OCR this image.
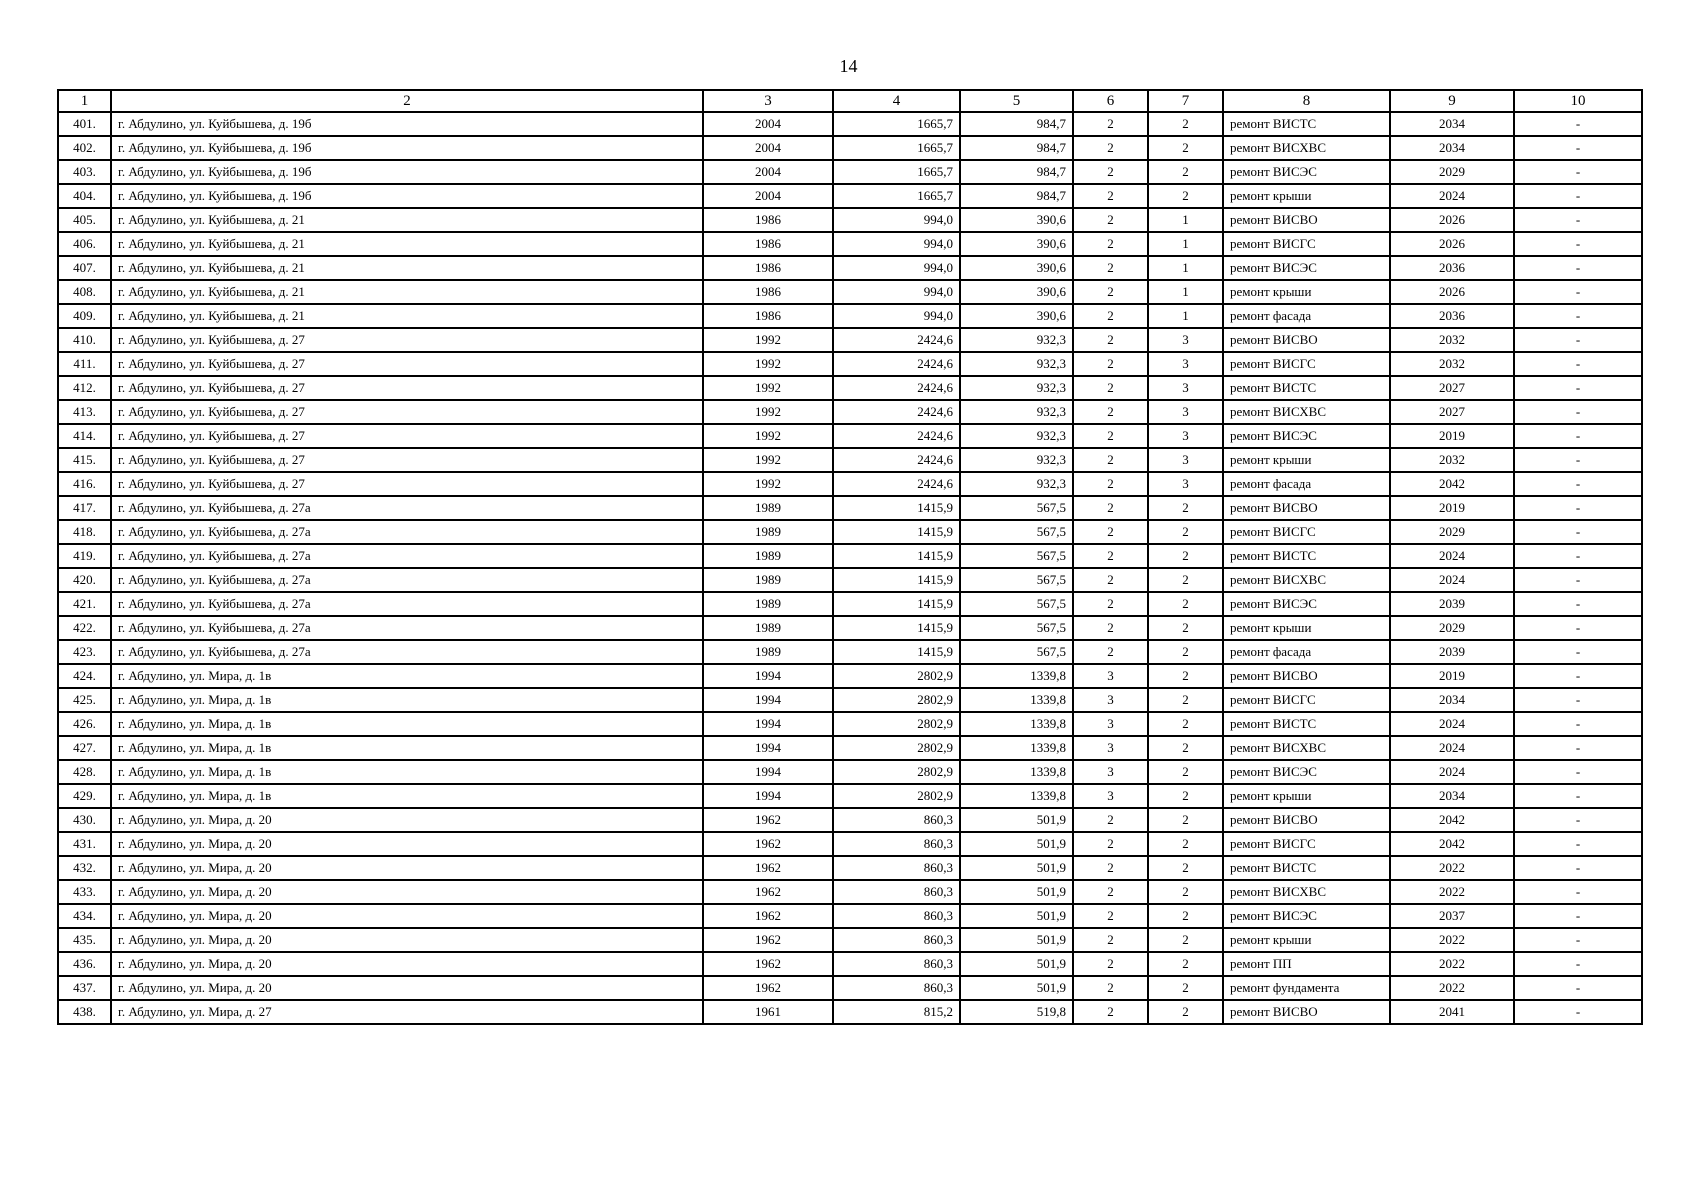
14
1	2	3	4	5	6	7	8	9	10
401.	г. Абдулино, ул. Куйбышева, д. 19б	2004	1665,7	984,7	2	2	ремонт ВИСТС	2034	-
402.	г. Абдулино, ул. Куйбышева, д. 19б	2004	1665,7	984,7	2	2	ремонт ВИСХВС	2034	-
403.	г. Абдулино, ул. Куйбышева, д. 19б	2004	1665,7	984,7	2	2	ремонт ВИСЭС	2029	-
404.	г. Абдулино, ул. Куйбышева, д. 19б	2004	1665,7	984,7	2	2	ремонт крыши	2024	-
405.	г. Абдулино, ул. Куйбышева, д. 21	1986	994,0	390,6	2	1	ремонт ВИСВО	2026	-
406.	г. Абдулино, ул. Куйбышева, д. 21	1986	994,0	390,6	2	1	ремонт ВИСГС	2026	-
407.	г. Абдулино, ул. Куйбышева, д. 21	1986	994,0	390,6	2	1	ремонт ВИСЭС	2036	-
408.	г. Абдулино, ул. Куйбышева, д. 21	1986	994,0	390,6	2	1	ремонт крыши	2026	-
409.	г. Абдулино, ул. Куйбышева, д. 21	1986	994,0	390,6	2	1	ремонт фасада	2036	-
410.	г. Абдулино, ул. Куйбышева, д. 27	1992	2424,6	932,3	2	3	ремонт ВИСВО	2032	-
411.	г. Абдулино, ул. Куйбышева, д. 27	1992	2424,6	932,3	2	3	ремонт ВИСГС	2032	-
412.	г. Абдулино, ул. Куйбышева, д. 27	1992	2424,6	932,3	2	3	ремонт ВИСТС	2027	-
413.	г. Абдулино, ул. Куйбышева, д. 27	1992	2424,6	932,3	2	3	ремонт ВИСХВС	2027	-
414.	г. Абдулино, ул. Куйбышева, д. 27	1992	2424,6	932,3	2	3	ремонт ВИСЭС	2019	-
415.	г. Абдулино, ул. Куйбышева, д. 27	1992	2424,6	932,3	2	3	ремонт крыши	2032	-
416.	г. Абдулино, ул. Куйбышева, д. 27	1992	2424,6	932,3	2	3	ремонт фасада	2042	-
417.	г. Абдулино, ул. Куйбышева, д. 27а	1989	1415,9	567,5	2	2	ремонт ВИСВО	2019	-
418.	г. Абдулино, ул. Куйбышева, д. 27а	1989	1415,9	567,5	2	2	ремонт ВИСГС	2029	-
419.	г. Абдулино, ул. Куйбышева, д. 27а	1989	1415,9	567,5	2	2	ремонт ВИСТС	2024	-
420.	г. Абдулино, ул. Куйбышева, д. 27а	1989	1415,9	567,5	2	2	ремонт ВИСХВС	2024	-
421.	г. Абдулино, ул. Куйбышева, д. 27а	1989	1415,9	567,5	2	2	ремонт ВИСЭС	2039	-
422.	г. Абдулино, ул. Куйбышева, д. 27а	1989	1415,9	567,5	2	2	ремонт крыши	2029	-
423.	г. Абдулино, ул. Куйбышева, д. 27а	1989	1415,9	567,5	2	2	ремонт фасада	2039	-
424.	г. Абдулино, ул. Мира, д. 1в	1994	2802,9	1339,8	3	2	ремонт ВИСВО	2019	-
425.	г. Абдулино, ул. Мира, д. 1в	1994	2802,9	1339,8	3	2	ремонт ВИСГС	2034	-
426.	г. Абдулино, ул. Мира, д. 1в	1994	2802,9	1339,8	3	2	ремонт ВИСТС	2024	-
427.	г. Абдулино, ул. Мира, д. 1в	1994	2802,9	1339,8	3	2	ремонт ВИСХВС	2024	-
428.	г. Абдулино, ул. Мира, д. 1в	1994	2802,9	1339,8	3	2	ремонт ВИСЭС	2024	-
429.	г. Абдулино, ул. Мира, д. 1в	1994	2802,9	1339,8	3	2	ремонт крыши	2034	-
430.	г. Абдулино, ул. Мира, д. 20	1962	860,3	501,9	2	2	ремонт ВИСВО	2042	-
431.	г. Абдулино, ул. Мира, д. 20	1962	860,3	501,9	2	2	ремонт ВИСГС	2042	-
432.	г. Абдулино, ул. Мира, д. 20	1962	860,3	501,9	2	2	ремонт ВИСТС	2022	-
433.	г. Абдулино, ул. Мира, д. 20	1962	860,3	501,9	2	2	ремонт ВИСХВС	2022	-
434.	г. Абдулино, ул. Мира, д. 20	1962	860,3	501,9	2	2	ремонт ВИСЭС	2037	-
435.	г. Абдулино, ул. Мира, д. 20	1962	860,3	501,9	2	2	ремонт крыши	2022	-
436.	г. Абдулино, ул. Мира, д. 20	1962	860,3	501,9	2	2	ремонт ПП	2022	-
437.	г. Абдулино, ул. Мира, д. 20	1962	860,3	501,9	2	2	ремонт фундамента	2022	-
438.	г. Абдулино, ул. Мира, д. 27	1961	815,2	519,8	2	2	ремонт ВИСВО	2041	-
